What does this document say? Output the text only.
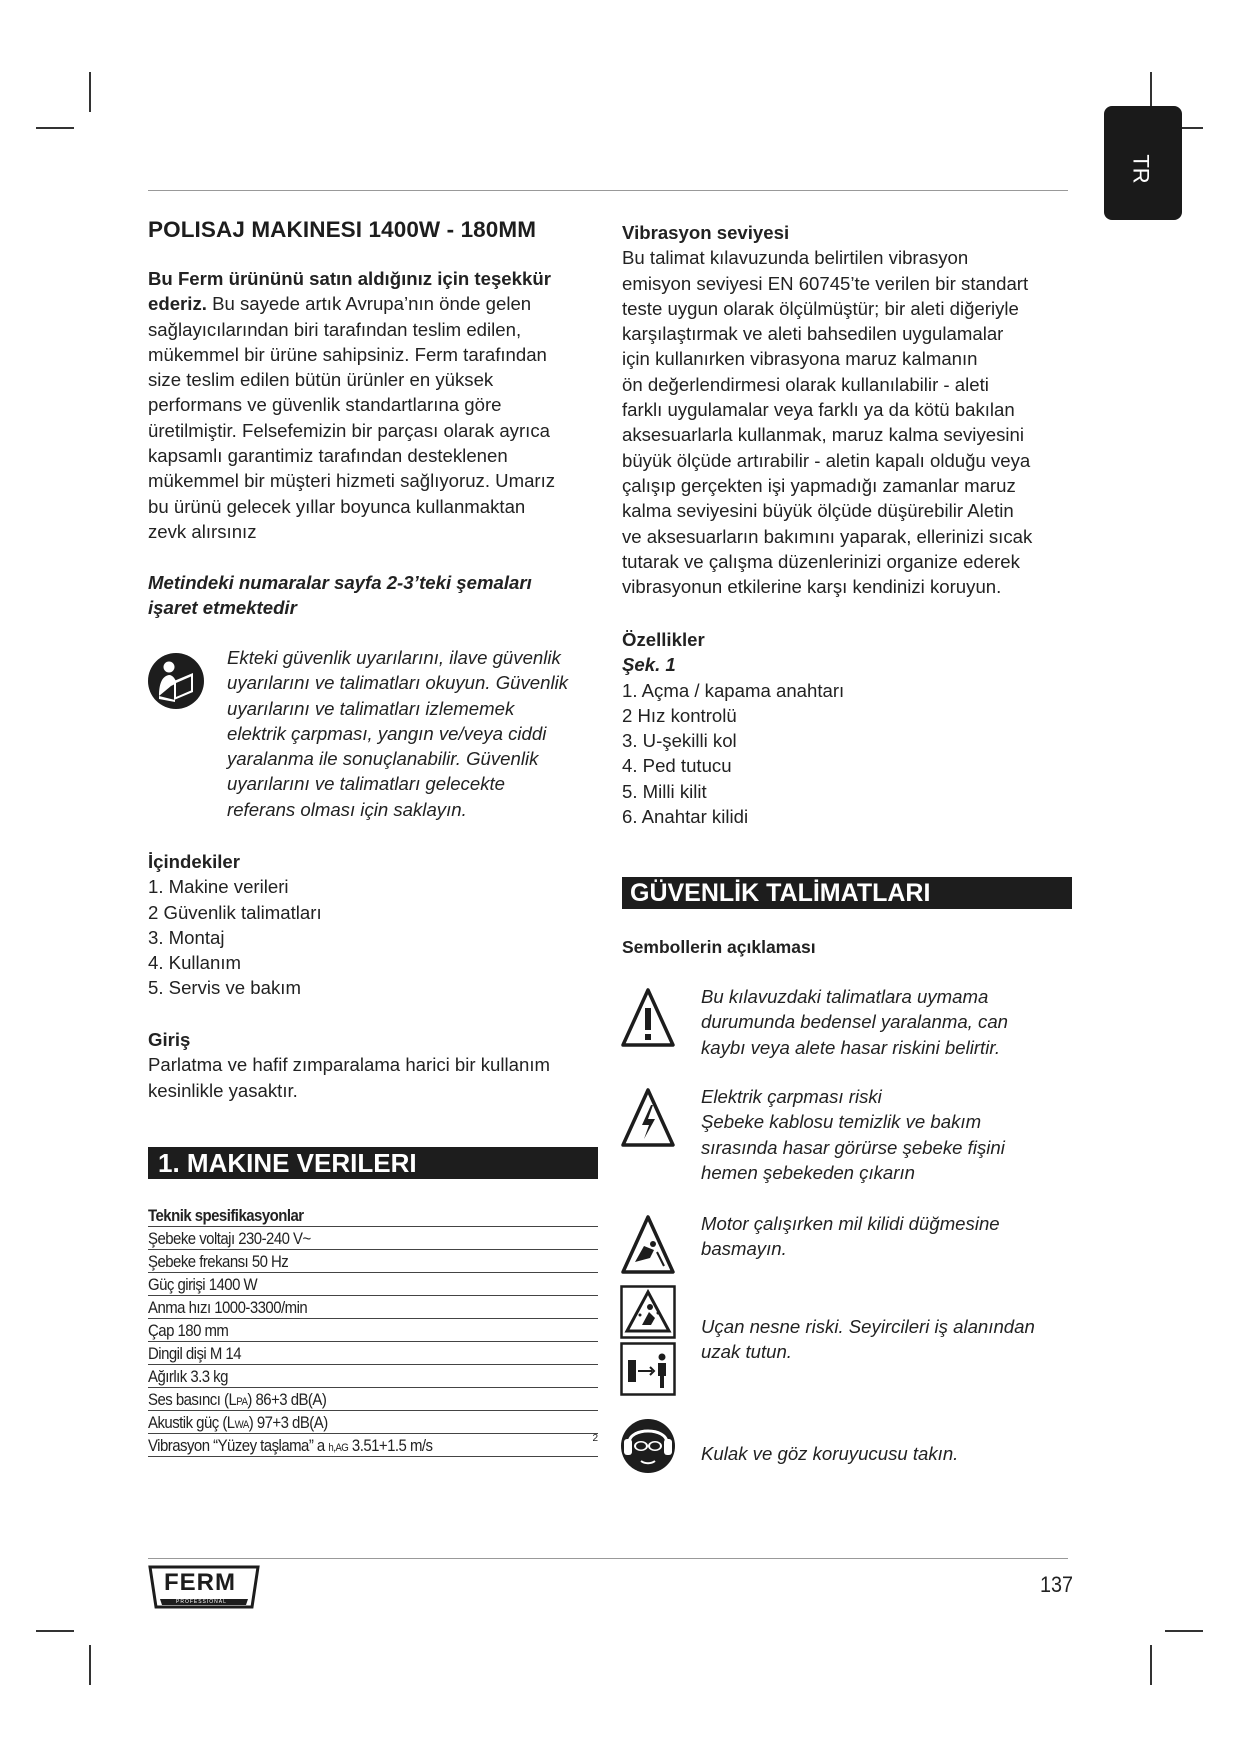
TR
POLISAJ MAKINESI 1400W - 180MM

Bu Ferm ürününü satın aldığınız için teşekkür
ederiz. Bu sayede artık Avrupa’nın önde gelen
sağlayıcılarından biri tarafından teslim edilen,
mükemmel bir ürüne sahipsiniz. Ferm tarafından
size teslim edilen bütün ürünler en yüksek
performans ve güvenlik standartlarına göre
üretilmiştir. Felsefemizin bir parçası olarak ayrıca
kapsamlı garantimiz tarafından desteklenen
mükemmel bir müşteri hizmeti sağlıyoruz. Umarız
bu ürünü gelecek yıllar boyunca kullanmaktan
zevk alırsınız

Metindeki numaralar sayfa 2-3’teki şemaları
işaret etmektedir

Ekteki güvenlik uyarılarını, ilave güvenlik
uyarılarını ve talimatları okuyun. Güvenlik
uyarılarını ve talimatları izlememek
elektrik çarpması, yangın ve/veya ciddi
yaralanma ile sonuçlanabilir. Güvenlik
uyarılarını ve talimatları gelecekte
referans olması için saklayın.

İçindekiler
1. Makine verileri
2 Güvenlik talimatları
3. Montaj
4. Kullanım
5. Servis ve bakım

Giriş
Parlatma ve hafif zımparalama harici bir kullanım
kesinlikle yasaktır.

1. MAKINE VERILERI
Teknik spesifikasyonlar
Şebeke voltajı 230-240 V~
Şebeke frekansı 50 Hz
Güç girişi 1400 W
Anma hızı 1000-3300/min
Çap 180 mm
Dingil dişi M 14
Ağırlık 3.3 kg
Ses basıncı (LPA) 86+3 dB(A)
Akustik güç (LWA) 97+3 dB(A)
Vibrasyon “Yüzey taşlama” a h,AG 3.51+1.5 m/s	2

Vibrasyon seviyesi
Bu talimat kılavuzunda belirtilen vibrasyon
emisyon seviyesi EN 60745’te verilen bir standart
teste uygun olarak ölçülmüştür; bir aleti diğeriyle
karşılaştırmak ve aleti bahsedilen uygulamalar
için kullanırken vibrasyona maruz kalmanın
ön değerlendirmesi olarak kullanılabilir - aleti
farklı uygulamalar veya farklı ya da kötü bakılan
aksesuarlarla kullanmak, maruz kalma seviyesini
büyük ölçüde artırabilir - aletin kapalı olduğu veya
çalışıp gerçekten işi yapmadığı zamanlar maruz
kalma seviyesini büyük ölçüde düşürebilir Aletin
ve aksesuarların bakımını yaparak, ellerinizi sıcak
tutarak ve çalışma düzenlerinizi organize ederek
vibrasyonun etkilerine karşı kendinizi koruyun.

Özellikler
Şek. 1
1. Açma / kapama anahtarı
2 Hız kontrolü
3. U-şekilli kol
4. Ped tutucu
5. Milli kilit
6. Anahtar kilidi

GÜVENLİK TALİMATLARI
Sembollerin açıklaması

Bu kılavuzdaki talimatlara uymama
durumunda bedensel yaralanma, can
kaybı veya alete hasar riskini belirtir.

Elektrik çarpması riski
Şebeke kablosu temizlik ve bakım
sırasında hasar görürse şebeke fişini
hemen şebekeden çıkarın

Motor çalışırken mil kilidi düğmesine
basmayın.

Uçan nesne riski. Seyircileri iş alanından
uzak tutun.

Kulak ve göz koruyucusu takın.
FERM
PROFESSIONAL
137
